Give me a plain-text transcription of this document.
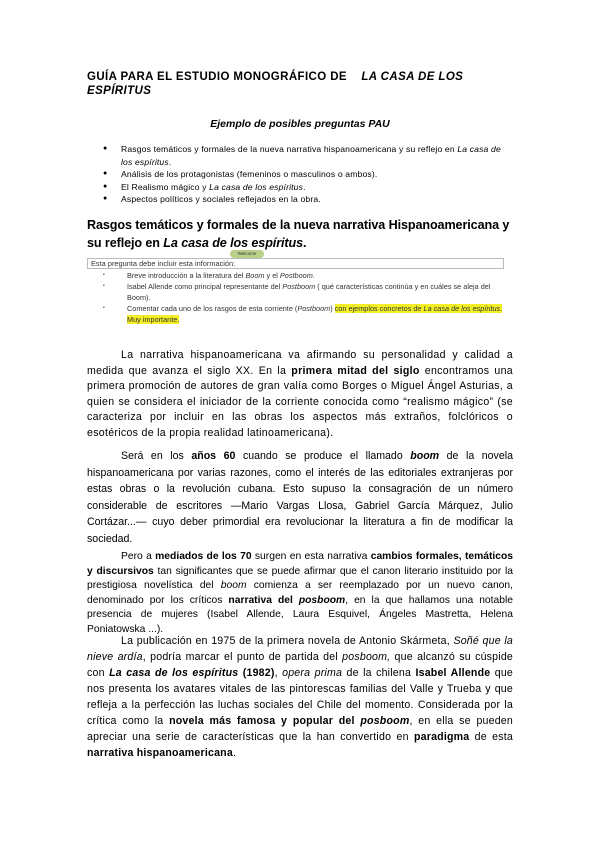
GUÍA PARA EL ESTUDIO MONOGRÁFICO DE LA CASA DE LOS ESPÍRITUS
Ejemplo de posibles preguntas PAU
● Rasgos temáticos y formales de la nueva narrativa hispanoamericana y su reflejo en La casa de los espíritus.
● Análisis de los protagonistas (femeninos o masculinos o ambos).
● El Realismo mágico y La casa de los espíritus.
● Aspectos políticos y sociales reflejados en la obra.
Rasgos temáticos y formales de la nueva narrativa Hispanoamericana y su reflejo en La casa de los espíritus.
Welcome
Esta pregunta debe incluir esta información:
• Breve introducción a la literatura del Boom y el Postboom.
• Isabel Allende como principal representante del Postboom ( qué características continúa y en cuáles se aleja del Boom).
• Comentar cada uno de los rasgos de esta corriente (Postboom) con ejemplos concretos de La casa de los espíritus. Muy importante.

La narrativa hispanoamericana va afirmando su personalidad y calidad a medida que avanza el siglo XX. En la primera mitad del siglo encontramos una primera promoción de autores de gran valía como Borges o Miguel Ángel Asturias, a quien se considera el iniciador de la corriente conocida como “realismo mágico” (se caracteriza por incluir en las obras los aspectos más extraños, folclóricos o esotéricos de la propia realidad latinoamericana).

Será en los años 60 cuando se produce el llamado boom de la novela hispanoamericana por varias razones, como el interés de las editoriales extranjeras por estas obras o la revolución cubana. Esto supuso la consagración de un número considerable de escritores ―Mario Vargas Llosa, Gabriel García Márquez, Julio Cortázar...― cuyo deber primordial era revolucionar la literatura a fin de modificar la sociedad.

Pero a mediados de los 70 surgen en esta narrativa cambios formales, temáticos y discursivos tan significantes que se puede afirmar que el canon literario instituido por la prestigiosa novelística del boom comienza a ser reemplazado por un nuevo canon, denominado por los críticos narrativa del posboom, en la que hallamos una notable presencia de mujeres (Isabel Allende, Laura Esquivel, Ángeles Mastretta, Helena Poniatowska ...).

La publicación en 1975 de la primera novela de Antonio Skármeta, Soñé que la nieve ardía, podría marcar el punto de partida del posboom, que alcanzó su cúspide con La casa de los espíritus (1982), opera prima de la chilena Isabel Allende que nos presenta los avatares vitales de las pintorescas familias del Valle y Trueba y que refleja a la perfección las luchas sociales del Chile del momento. Considerada por la crítica como la novela más famosa y popular del posboom, en ella se pueden apreciar una serie de características que la han convertido en paradigma de esta narrativa hispanoamericana.
